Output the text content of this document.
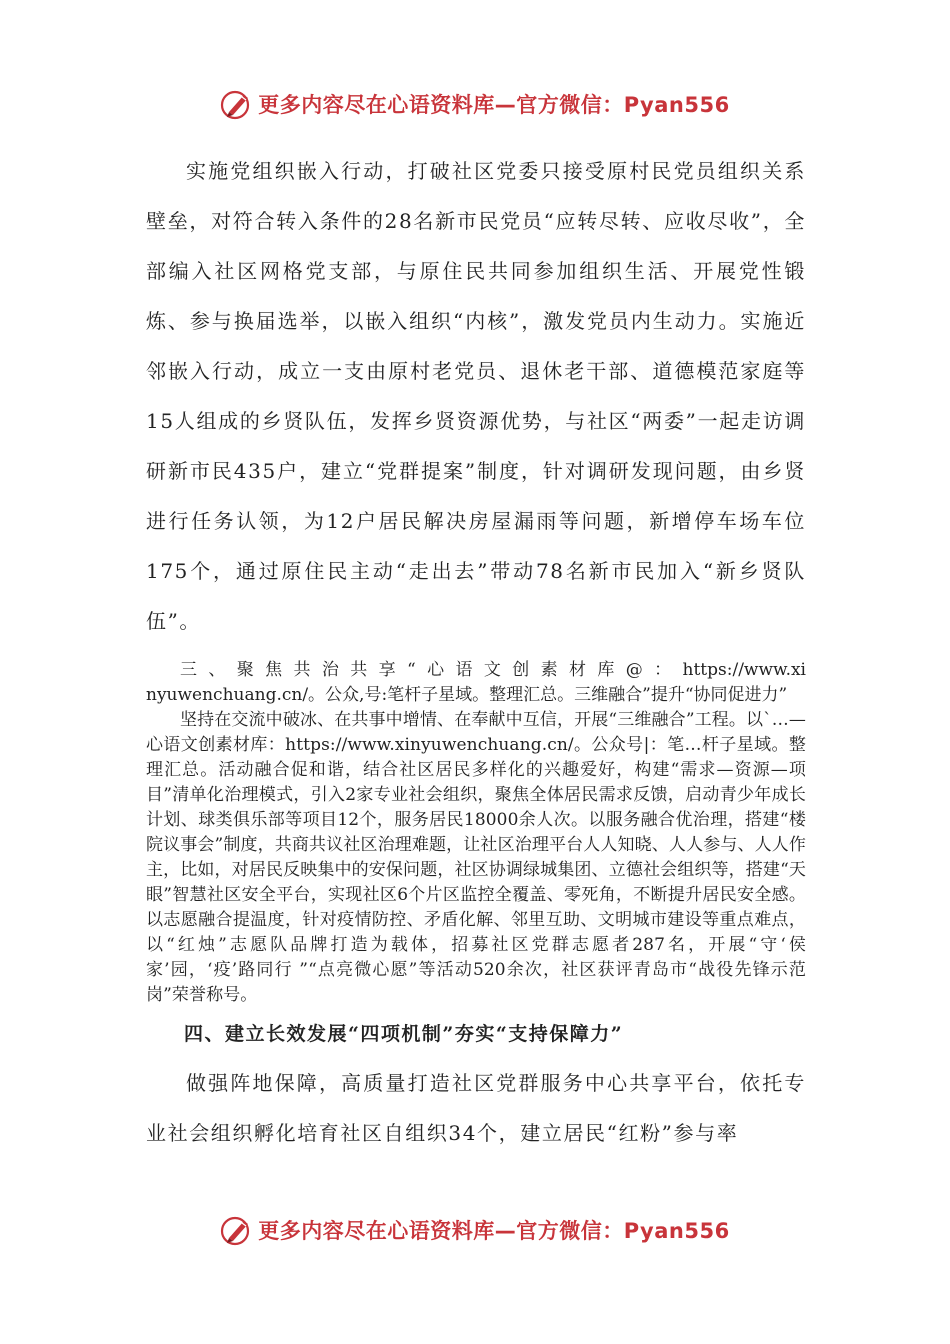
更多内容尽在心语资料库—官方微信：Pyan556

实施党组织嵌入行动，打破社区党委只接受原村民党员组织关系壁垒，对符合转入条件的28名新市民党员“应转尽转、应收尽收”，全部编入社区网格党支部，与原住民共同参加组织生活、开展党性锻炼、参与换届选举，以嵌入组织“内核”，激发党员内生动力。实施近邻嵌入行动，成立一支由原村老党员、退休老干部、道德模范家庭等15人组成的乡贤队伍，发挥乡贤资源优势，与社区“两委”一起走访调研新市民435户，建立“党群提案”制度，针对调研发现问题，由乡贤进行任务认领，为12户居民解决房屋漏雨等问题，新增停车场车位175个，通过原住民主动“走出去”带动78名新市民加入“新乡贤队伍”。

三、聚焦共治共享“心语文创素材库@：https://www.xinyuwenchuang.cn/。公众,号:笔杆子星域。整理汇总。三维融合”提升“协同促进力”

坚持在交流中破冰、在共事中增情、在奉献中互信，开展“三维融合”工程。以`…—心语文创素材库：https://www.xinyuwenchuang.cn/。公众号|：笔…杆子星域。整理汇总。活动融合促和谐，结合社区居民多样化的兴趣爱好，构建“需求—资源—项目”清单化治理模式，引入2家专业社会组织，聚焦全体居民需求反馈，启动青少年成长计划、球类俱乐部等项目12个，服务居民18000余人次。以服务融合优治理，搭建“楼院议事会”制度，共商共议社区治理难题，让社区治理平台人人知晓、人人参与、人人作主，比如，对居民反映集中的安保问题，社区协调绿城集团、立德社会组织等，搭建“天眼”智慧社区安全平台，实现社区6个片区监控全覆盖、零死角，不断提升居民安全感。以志愿融合提温度，针对疫情防控、矛盾化解、邻里互助、文明城市建设等重点难点，以“红烛”志愿队品牌打造为载体，招募社区党群志愿者287名，开展“守‘侯家’园，‘疫’路同行 ”“点亮微心愿”等活动520余次，社区获评青岛市“战役先锋示范岗”荣誉称号。

四、建立长效发展“四项机制”夯实“支持保障力”

做强阵地保障，高质量打造社区党群服务中心共享平台，依托专业社会组织孵化培育社区自组织34个，建立居民“红粉”参与率

更多内容尽在心语资料库—官方微信：Pyan556
